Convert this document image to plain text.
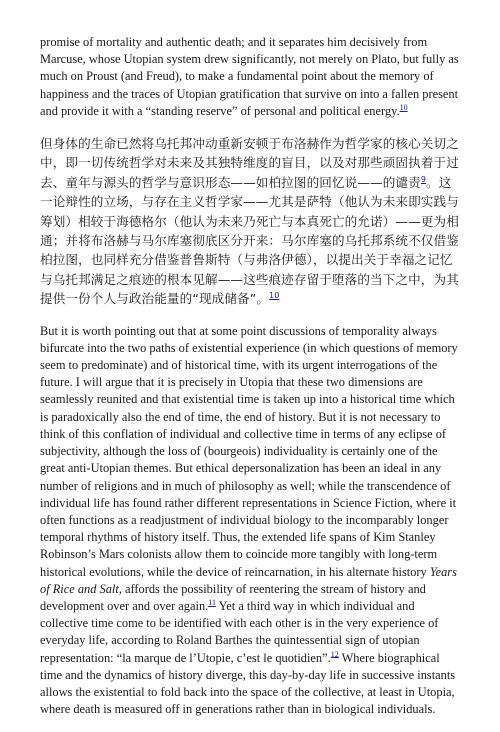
promise of mortality and authentic death; and it separates him decisively from Marcuse, whose Utopian system drew significantly, not merely on Plato, but fully as much on Proust (and Freud), to make a fundamental point about the memory of happiness and the traces of Utopian gratification that survive on into a fallen present and provide it with a “standing reserve” of personal and political energy.$^{10}$

但身体的生命已然将乌托邦冲动重新安顿于布洛赫作为哲学家的核心关切之中，即一切传统哲学对未来及其独特维度的盲目，以及对那些顽固执着于过去、童年与源头的哲学与意识形态——如柏拉图的回忆说——的谴责$^9$。这一论辩性的立场，与存在主义哲学家——尤其是萨特（他认为未来即实践与筹划）相较于海德格尔（他认为未来乃死亡与本真死亡的允诺）——更为相通；并将布洛赫与马尔库塞彻底区分开来：马尔库塞的乌托邦系统不仅借鉴柏拉图，也同样充分借鉴普鲁斯特（与弗洛伊德），以提出关于幸福之记忆与乌托邦满足之痕迹的根本见解——这些痕迹存留于堕落的当下之中，为其提供一份个人与政治能量的“现成储备”。$^{10}$

But it is worth pointing out that at some point discussions of temporality always bifurcate into the two paths of existential experience (in which questions of memory seem to predominate) and of historical time, with its urgent interrogations of the future. I will argue that it is precisely in Utopia that these two dimensions are seamlessly reunited and that existential time is taken up into a historical time which is paradoxically also the end of time, the end of history. But it is not necessary to think of this conflation of individual and collective time in terms of any eclipse of subjectivity, although the loss of (bourgeois) individuality is certainly one of the great anti-Utopian themes. But ethical depersonalization has been an ideal in any number of religions and in much of philosophy as well; while the transcendence of individual life has found rather different representations in Science Fiction, where it often functions as a readjustment of individual biology to the incomparably longer temporal rhythms of history itself. Thus, the extended life spans of Kim Stanley Robinson’s Mars colonists allow them to coincide more tangibly with long-term historical evolutions, while the device of reincarnation, in his alternate history Years of Rice and Salt, affords the possibility of reentering the stream of history and development over and over again.$^{11}$ Yet a third way in which individual and collective time come to be identified with each other is in the very experience of everyday life, according to Roland Barthes the quintessential sign of utopian representation: “la marque de l’Utopie, c’est le quotidien”.$^{12}$ Where biographical time and the dynamics of history diverge, this day-by-day life in successive instants allows the existential to fold back into the space of the collective, at least in Utopia, where death is measured off in generations rather than in biological individuals.
